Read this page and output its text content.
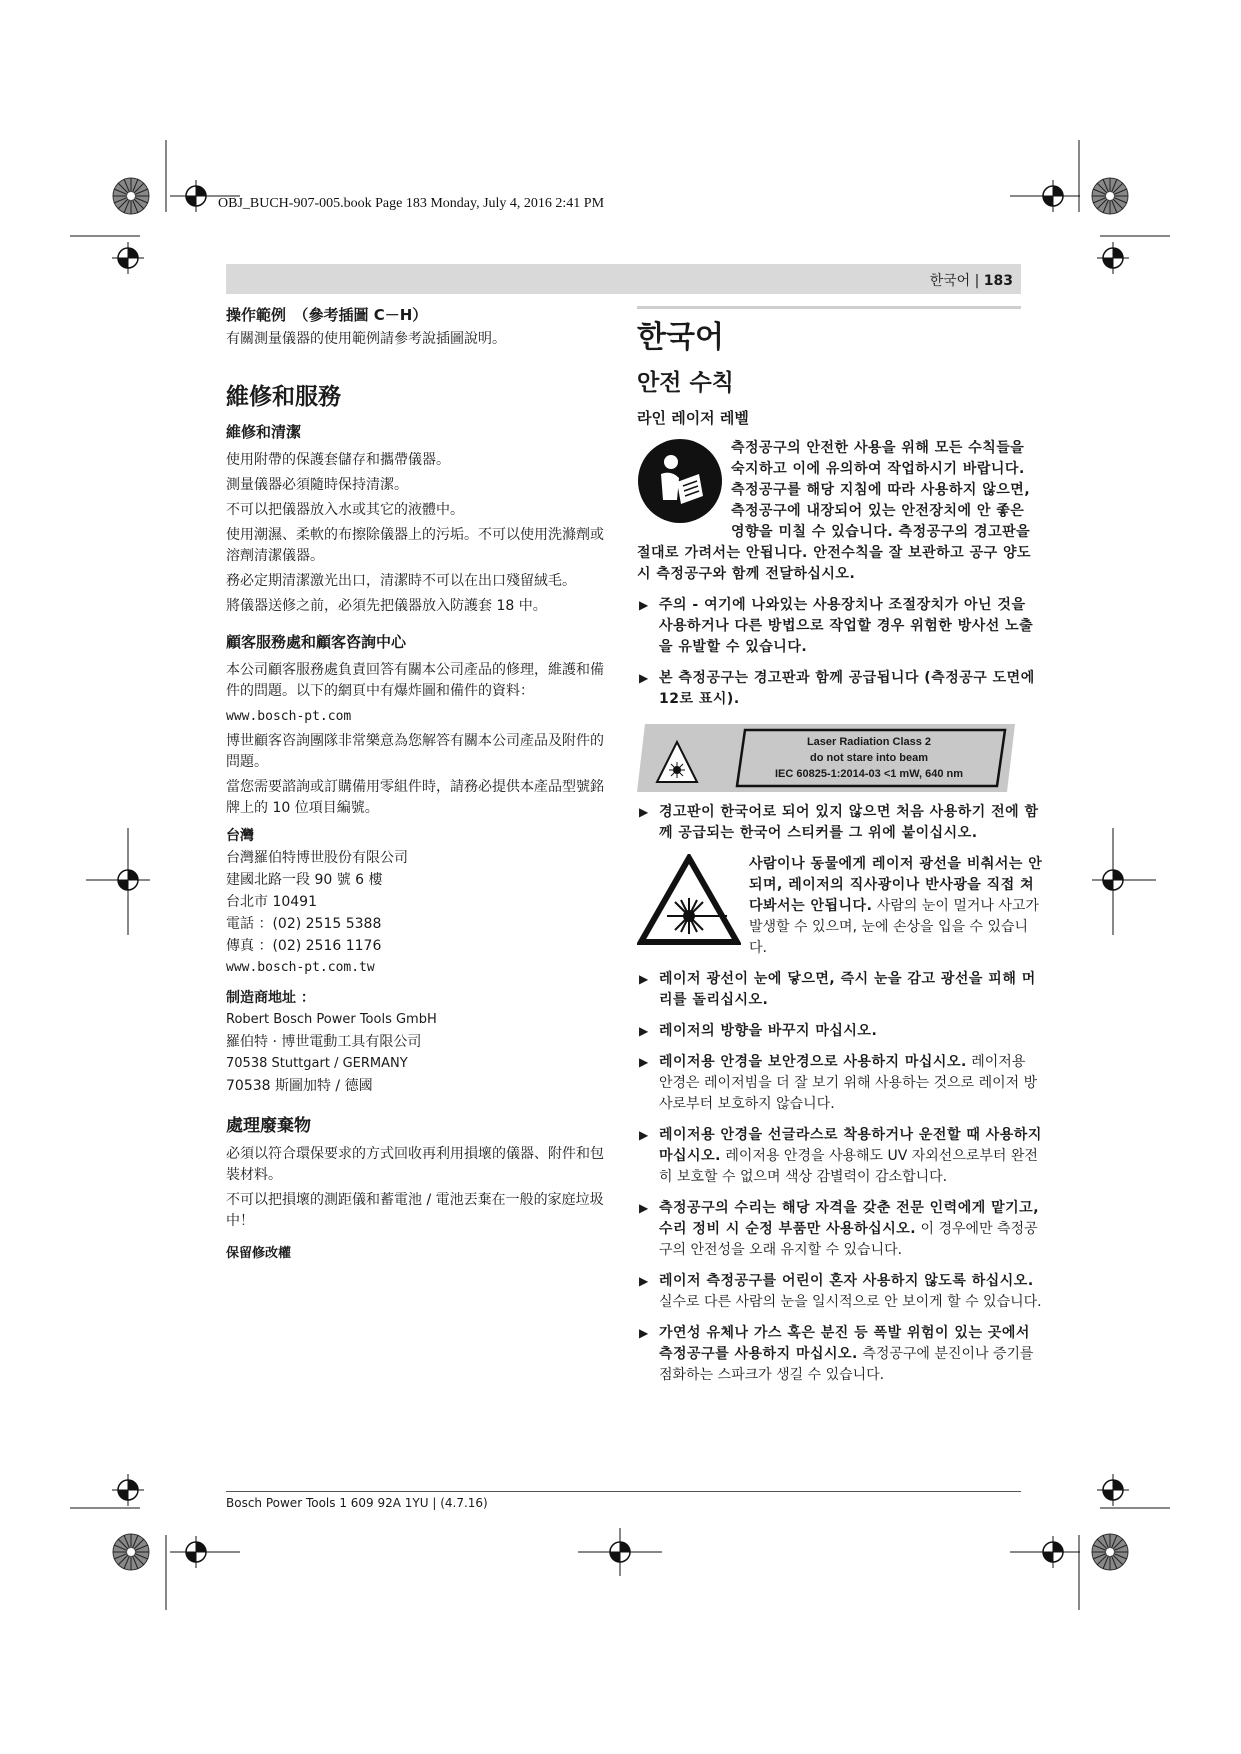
OBJ_BUCH-907-005.book Page 183 Monday, July 4, 2016 2:41 PM
한국어 | 183
操作範例　（參考插圖 C－H）
有關測量儀器的使用範例請參考說插圖說明。
維修和服務
維修和清潔
使用附帶的保護套儲存和攜帶儀器。
測量儀器必須隨時保持清潔。
不可以把儀器放入水或其它的液體中。
使用潮濕、柔軟的布擦除儀器上的污垢。不可以使用洗滌劑或溶劑清潔儀器。
務必定期清潔激光出口，清潔時不可以在出口殘留絨毛。
將儀器送修之前，必須先把儀器放入防護套 18 中。
顧客服務處和顧客咨詢中心
本公司顧客服務處負責回答有關本公司產品的修理，維護和備件的問題。以下的網頁中有爆炸圖和備件的資料：
www.bosch-pt.com
博世顧客咨詢團隊非常樂意為您解答有關本公司產品及附件的問題。
當您需要諮詢或訂購備用零組件時，請務必提供本產品型號銘牌上的 10 位項目編號。
台灣
台灣羅伯特博世股份有限公司
建國北路一段 90 號 6 樓
台北市 10491
電話 ：(02) 2515 5388
傳真 ：(02) 2516 1176
www.bosch-pt.com.tw
制造商地址 ：
Robert Bosch Power Tools GmbH
羅伯特 · 博世電動工具有限公司
70538 Stuttgart / GERMANY
70538 斯圖加特 / 德國
處理廢棄物
必須以符合環保要求的方式回收再利用損壞的儀器、附件和包裝材料。
不可以把損壞的測距儀和蓄電池 / 電池丟棄在一般的家庭垃圾中！
保留修改權
한국어
안전 수칙
라인 레이저 레벨
측정공구의 안전한 사용을 위해 모든 수칙들을 숙지하고 이에 유의하여 작업하시기 바랍니다. 측정공구를 해당 지침에 따라 사용하지 않으면, 측정공구에 내장되어 있는 안전장치에 안 좋은 영향을 미칠 수 있습니다. 측정공구의 경고판을 절대로 가려서는 안됩니다. 안전수칙을 잘 보관하고 공구 양도 시 측정공구와 함께 전달하십시오.
▶ 주의 - 여기에 나와있는 사용장치나 조절장치가 아닌 것을 사용하거나 다른 방법으로 작업할 경우 위험한 방사선 노출을 유발할 수 있습니다.
▶ 본 측정공구는 경고판과 함께 공급됩니다 (측정공구 도면에 12로 표시).
Laser Radiation Class 2
do not stare into beam
IEC 60825-1:2014-03 <1 mW, 640 nm
▶ 경고판이 한국어로 되어 있지 않으면 처음 사용하기 전에 함께 공급되는 한국어 스티커를 그 위에 붙이십시오.
사람이나 동물에게 레이저 광선을 비춰서는 안되며, 레이저의 직사광이나 반사광을 직접 쳐다봐서는 안됩니다. 사람의 눈이 멀거나 사고가 발생할 수 있으며, 눈에 손상을 입을 수 있습니다.
▶ 레이저 광선이 눈에 닿으면, 즉시 눈을 감고 광선을 피해 머리를 돌리십시오.
▶ 레이저의 방향을 바꾸지 마십시오.
▶ 레이저용 안경을 보안경으로 사용하지 마십시오. 레이저용 안경은 레이저빔을 더 잘 보기 위해 사용하는 것으로 레이저 방사로부터 보호하지 않습니다.
▶ 레이저용 안경을 선글라스로 착용하거나 운전할 때 사용하지 마십시오. 레이저용 안경을 사용해도 UV 자외선으로부터 완전히 보호할 수 없으며 색상 감별력이 감소합니다.
▶ 측정공구의 수리는 해당 자격을 갖춘 전문 인력에게 맡기고, 수리 정비 시 순정 부품만 사용하십시오. 이 경우에만 측정공구의 안전성을 오래 유지할 수 있습니다.
▶ 레이저 측정공구를 어린이 혼자 사용하지 않도록 하십시오. 실수로 다른 사람의 눈을 일시적으로 안 보이게 할 수 있습니다.
▶ 가연성 유체나 가스 혹은 분진 등 폭발 위험이 있는 곳에서 측정공구를 사용하지 마십시오. 측정공구에 분진이나 증기를 점화하는 스파크가 생길 수 있습니다.
Bosch Power Tools 1 609 92A 1YU | (4.7.16)
